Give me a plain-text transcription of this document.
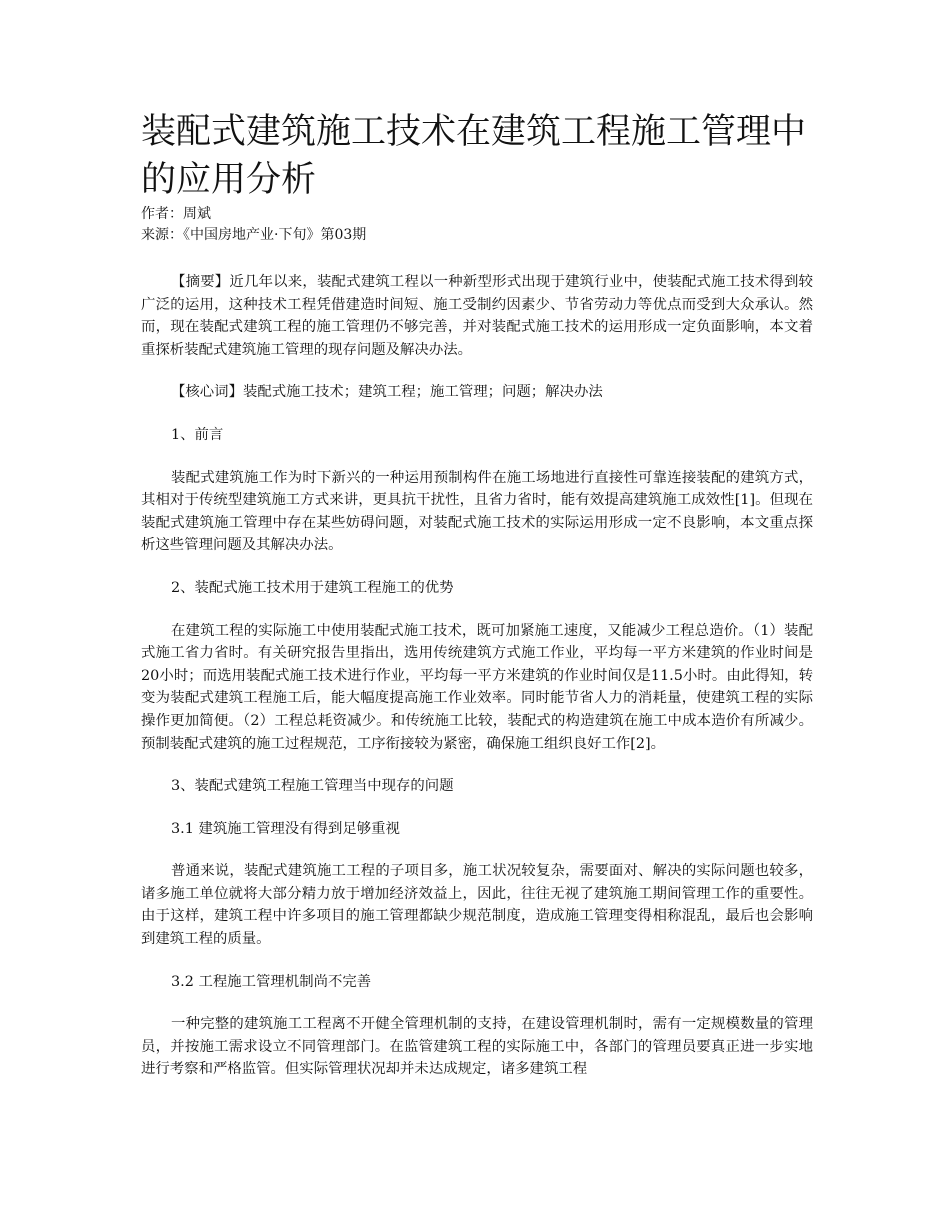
装配式建筑施工技术在建筑工程施工管理中的应用分析

作者：周斌

来源：《中国房地产业·下旬》第03期

【摘要】近几年以来，装配式建筑工程以一种新型形式出现于建筑行业中，使装配式施工技术得到较广泛的运用，这种技术工程凭借建造时间短、施工受制约因素少、节省劳动力等优点而受到大众承认。然而，现在装配式建筑工程的施工管理仍不够完善，并对装配式施工技术的运用形成一定负面影响，本文着重探析装配式建筑施工管理的现存问题及解决办法。

【核心词】装配式施工技术；建筑工程；施工管理；问题；解决办法

1、前言

装配式建筑施工作为时下新兴的一种运用预制构件在施工场地进行直接性可靠连接装配的建筑方式，其相对于传统型建筑施工方式来讲，更具抗干扰性，且省力省时，能有效提高建筑施工成效性[1]。但现在装配式建筑施工管理中存在某些妨碍问题，对装配式施工技术的实际运用形成一定不良影响，本文重点探析这些管理问题及其解决办法。

2、装配式施工技术用于建筑工程施工的优势

在建筑工程的实际施工中使用装配式施工技术，既可加紧施工速度，又能减少工程总造价。（1）装配式施工省力省时。有关研究报告里指出，选用传统建筑方式施工作业，平均每一平方米建筑的作业时间是20小时；而选用装配式施工技术进行作业，平均每一平方米建筑的作业时间仅是11.5小时。由此得知，转变为装配式建筑工程施工后，能大幅度提高施工作业效率。同时能节省人力的消耗量，使建筑工程的实际操作更加简便。（2）工程总耗资减少。和传统施工比较，装配式的构造建筑在施工中成本造价有所减少。预制装配式建筑的施工过程规范，工序衔接较为紧密，确保施工组织良好工作[2]。

3、装配式建筑工程施工管理当中现存的问题

3.1 建筑施工管理没有得到足够重视

普通来说，装配式建筑施工工程的子项目多，施工状况较复杂，需要面对、解决的实际问题也较多，诸多施工单位就将大部分精力放于增加经济效益上，因此，往往无视了建筑施工期间管理工作的重要性。由于这样，建筑工程中许多项目的施工管理都缺少规范制度，造成施工管理变得相称混乱，最后也会影响到建筑工程的质量。

3.2 工程施工管理机制尚不完善

一种完整的建筑施工工程离不开健全管理机制的支持，在建设管理机制时，需有一定规模数量的管理员，并按施工需求设立不同管理部门。在监管建筑工程的实际施工中，各部门的管理员要真正进一步实地进行考察和严格监管。但实际管理状况却并未达成规定，诸多建筑工程
